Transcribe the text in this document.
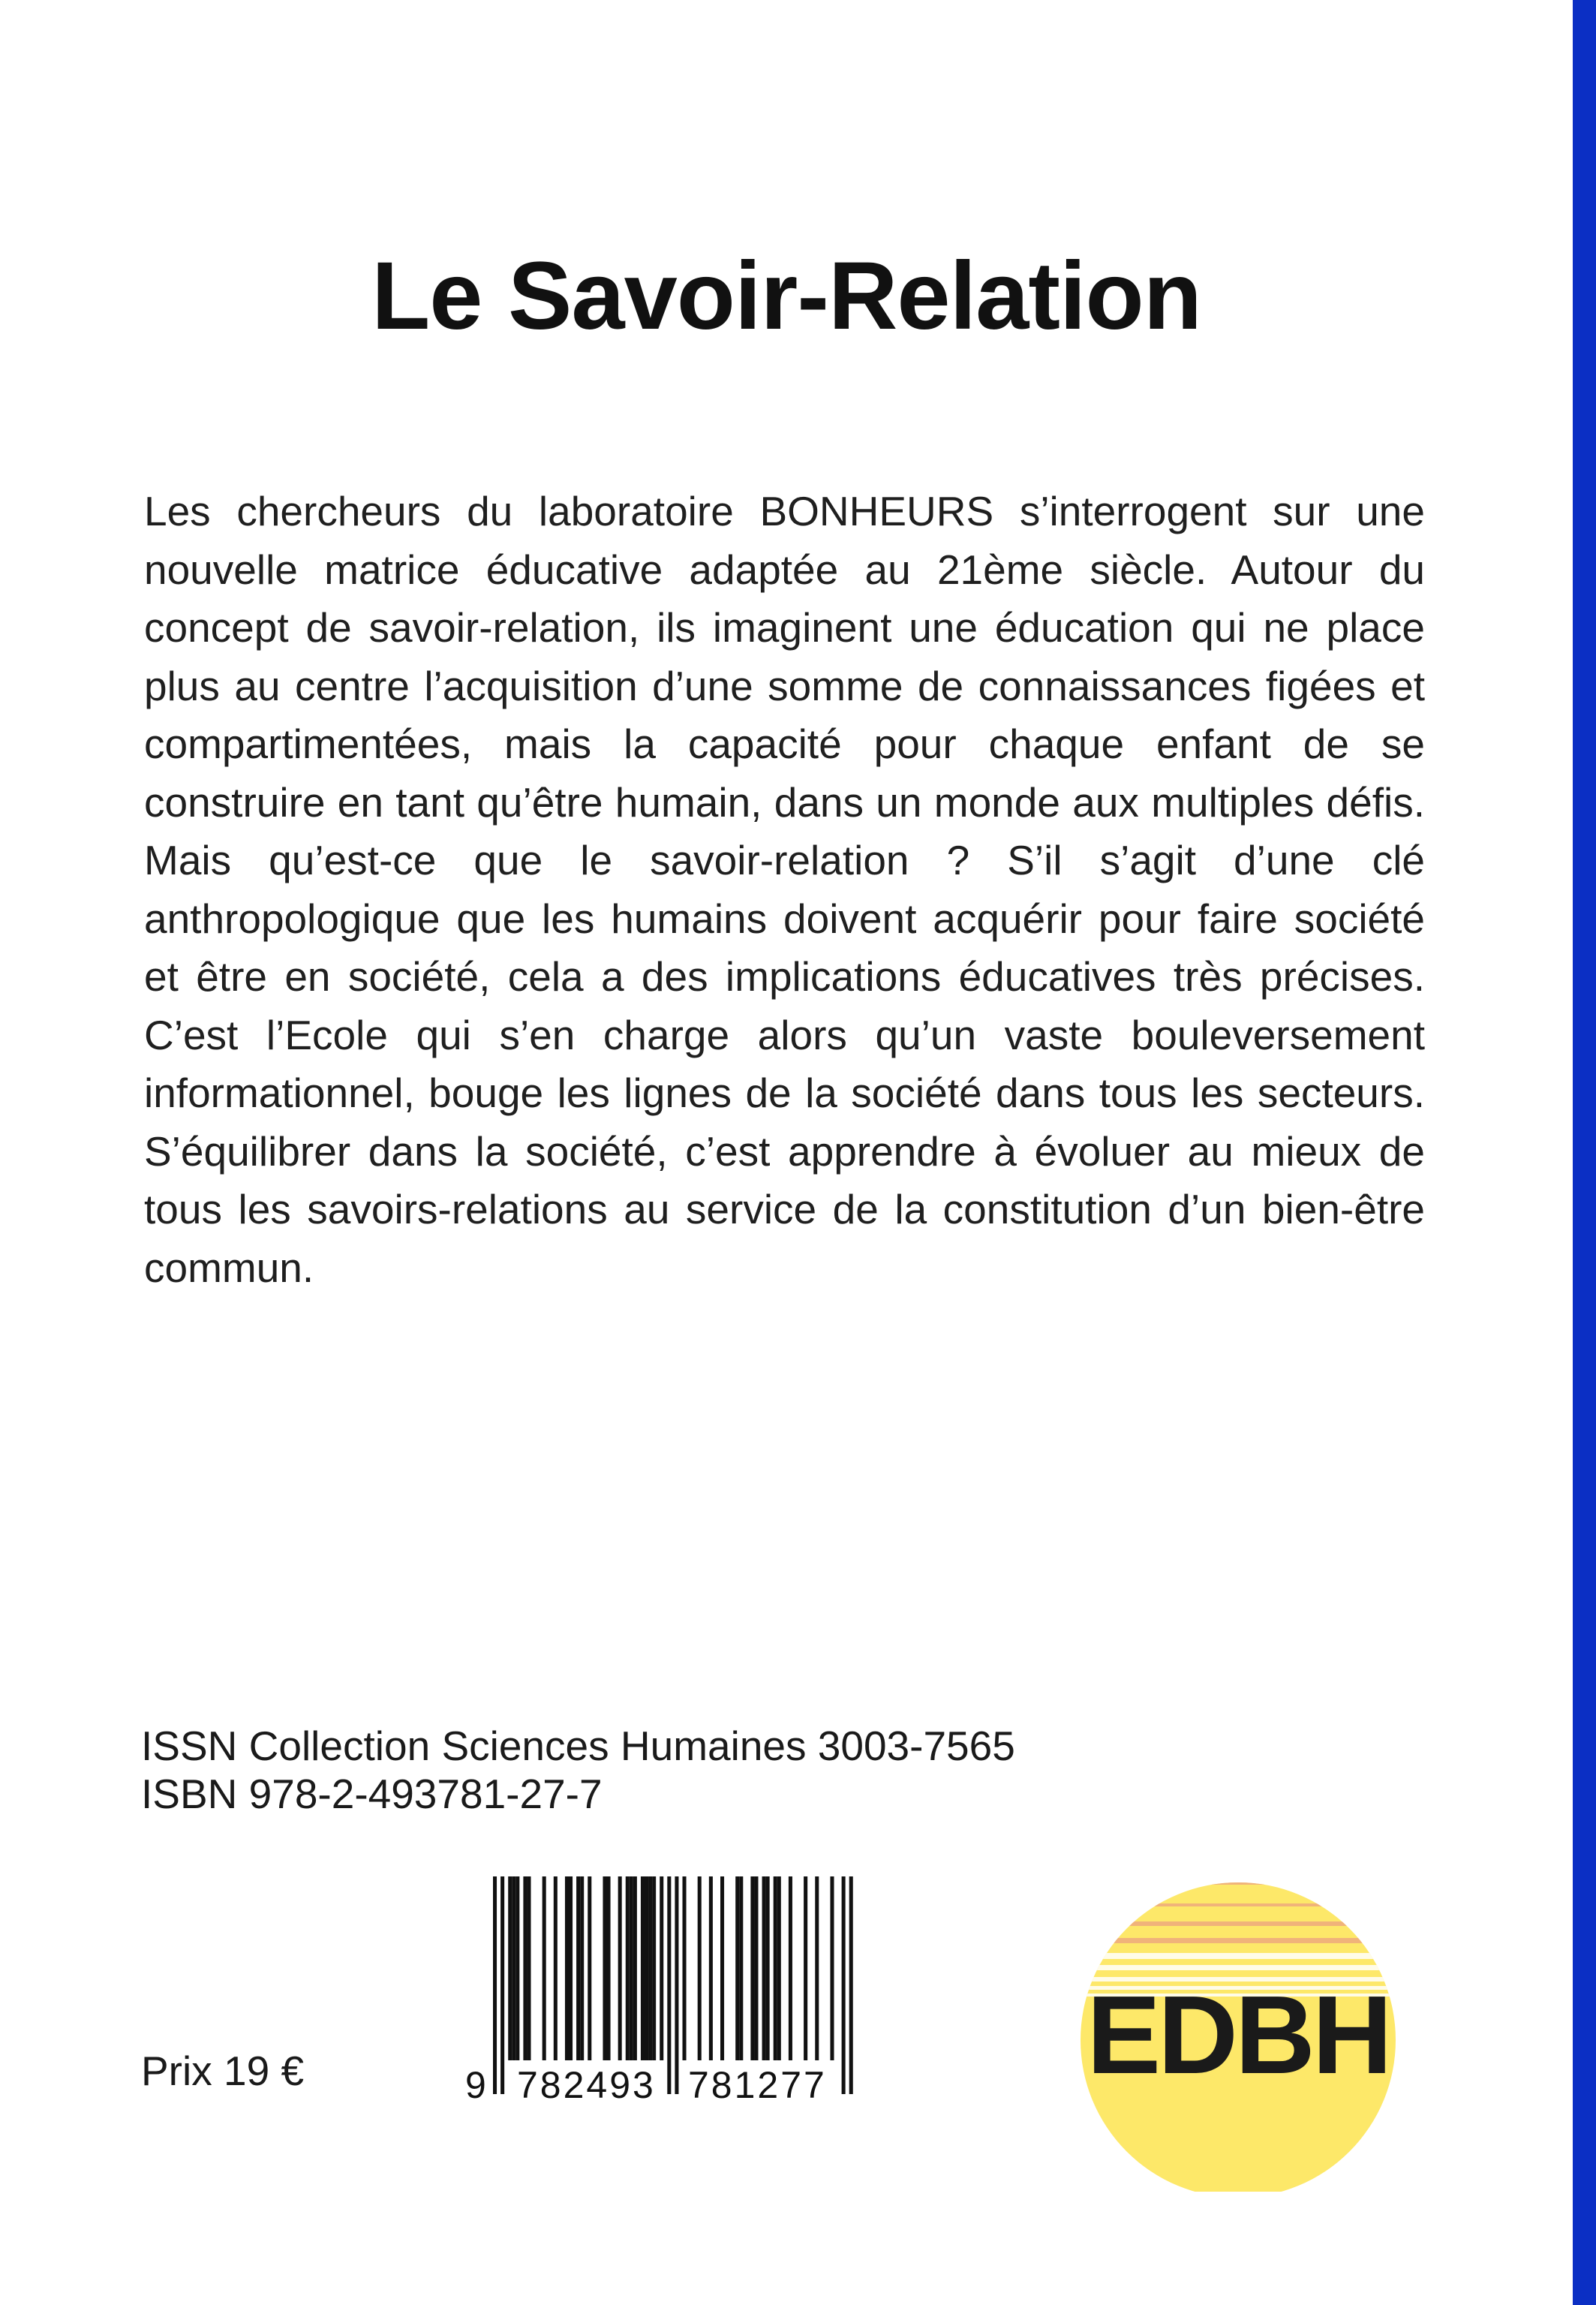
Le Savoir-Relation

Les chercheurs du laboratoire BONHEURS s’interrogent sur une nouvelle matrice éducative adaptée au 21ème siècle. Autour du concept de savoir-relation, ils imaginent une éducation qui ne place plus au centre l’acquisition d’une somme de connaissances figées et compartimentées, mais la capacité pour chaque enfant de se construire en tant qu’être humain, dans un monde aux multiples défis. Mais qu’est-ce que le savoir-relation ? S’il s’agit d’une clé anthropologique que les humains doivent acquérir pour faire société et être en société, cela a des implications éducatives très précises. C’est l’Ecole qui s’en charge alors qu’un vaste bouleversement informationnel, bouge les lignes de la société dans tous les secteurs. S’équilibrer dans la société, c’est apprendre à évoluer au mieux de tous les savoirs-relations au service de la constitution d’un bien-être commun.

ISSN Collection Sciences Humaines 3003-7565
ISBN 978-2-493781-27-7
Prix 19 €	9 782493 781277 EDBH
